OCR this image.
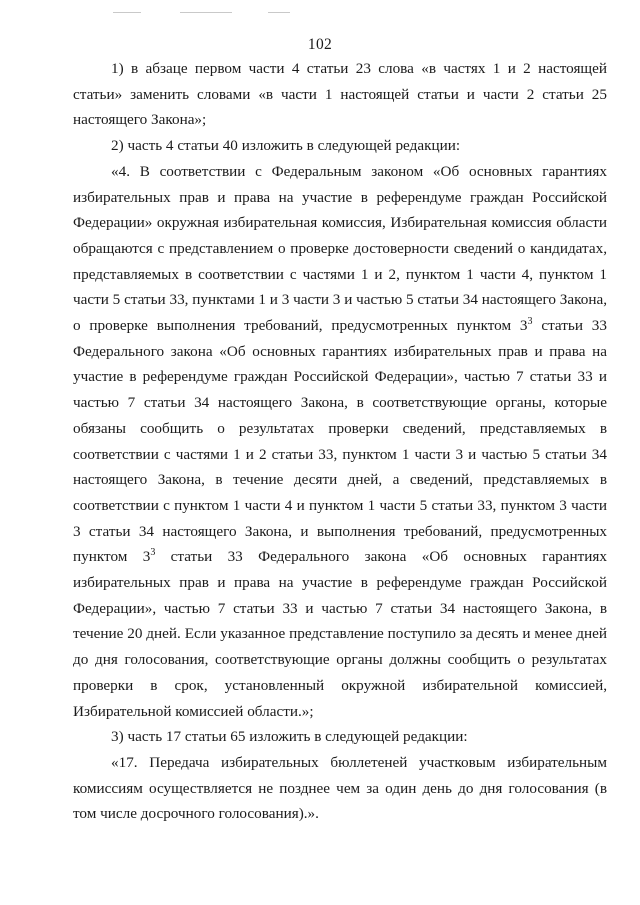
102

1) в абзаце первом части 4 статьи 23 слова «в частях 1 и 2 настоящей статьи» заменить словами «в части 1 настоящей статьи и части 2 статьи 25 настоящего Закона»;

2) часть 4 статьи 40 изложить в следующей редакции:

«4. В соответствии с Федеральным законом «Об основных гарантиях избирательных прав и права на участие в референдуме граждан Российской Федерации» окружная избирательная комиссия, Избирательная комиссия области обращаются с представлением о проверке достоверности сведений о кандидатах, представляемых в соответствии с частями 1 и 2, пунктом 1 части 4, пунктом 1 части 5 статьи 33, пунктами 1 и 3 части 3 и частью 5 статьи 34 настоящего Закона, о проверке выполнения требований, предусмотренных пунктом $3^3$ статьи 33 Федерального закона «Об основных гарантиях избирательных прав и права на участие в референдуме граждан Российской Федерации», частью 7 статьи 33 и частью 7 статьи 34 настоящего Закона, в соответствующие органы, которые обязаны сообщить о результатах проверки сведений, представляемых в соответствии с частями 1 и 2 статьи 33, пунктом 1 части 3 и частью 5 статьи 34 настоящего Закона, в течение десяти дней, а сведений, представляемых в соответствии с пунктом 1 части 4 и пунктом 1 части 5 статьи 33, пунктом 3 части 3 статьи 34 настоящего Закона, и выполнения требований, предусмотренных пунктом $3^3$ статьи 33 Федерального закона «Об основных гарантиях избирательных прав и права на участие в референдуме граждан Российской Федерации», частью 7 статьи 33 и частью 7 статьи 34 настоящего Закона, в течение 20 дней. Если указанное представление поступило за десять и менее дней до дня голосования, соответствующие органы должны сообщить о результатах проверки в срок, установленный окружной избирательной комиссией, Избирательной комиссией области.»;

3) часть 17 статьи 65 изложить в следующей редакции:

«17. Передача избирательных бюллетеней участковым избирательным комиссиям осуществляется не позднее чем за один день до дня голосования (в том числе досрочного голосования).».
